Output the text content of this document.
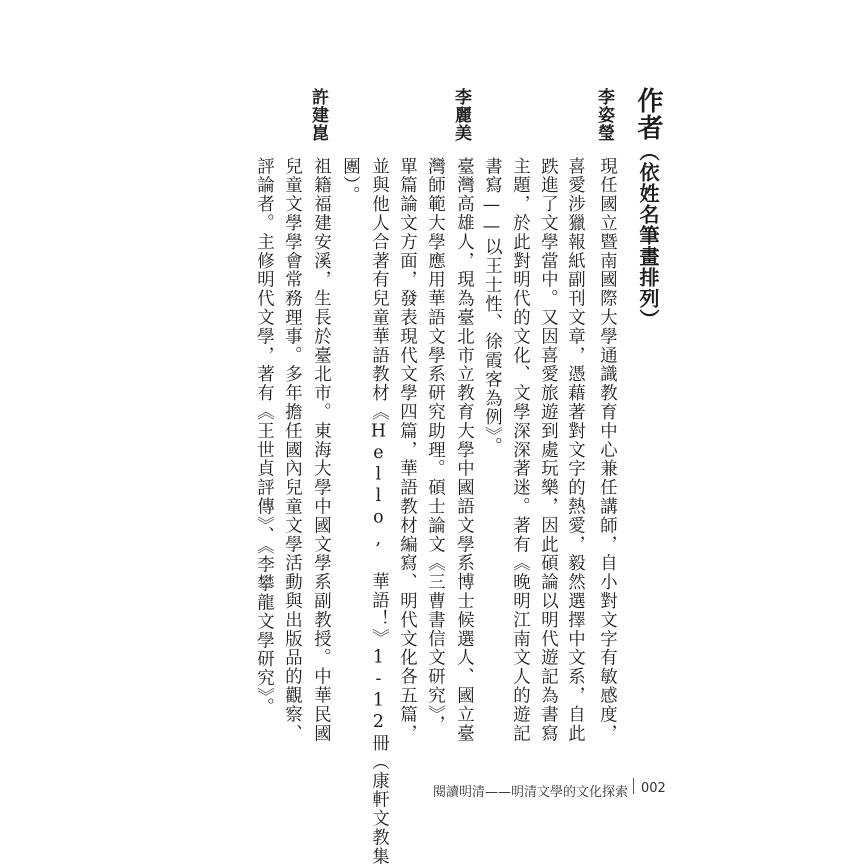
作者（依姓名筆畫排列）
李姿瑩
現任國立暨南國際大學通識教育中心兼任講師，自小對文字有敏感度，
喜愛涉獵報紙副刊文章，憑藉著對文字的熱愛，毅然選擇中文系，自此
跌進了文學當中。又因喜愛旅遊到處玩樂，因此碩論以明代遊記為書寫
主題，於此對明代的文化、文學深深著迷。著有《晚明江南文人的遊記
書寫——以王士性、徐霞客為例》。
李麗美
臺灣高雄人，現為臺北市立教育大學中國語文學系博士候選人、國立臺
灣師範大學應用華語文學系研究助理。碩士論文《三曹書信文研究》，
單篇論文方面，發表現代文學四篇，華語教材編寫、明代文化各五篇，
並與他人合著有兒童華語教材《Hello, 華語！》1-12冊（康軒文教集
團）。
許建崑
祖籍福建安溪，生長於臺北市。東海大學中國文學系副教授。中華民國
兒童文學學會常務理事。多年擔任國內兒童文學活動與出版品的觀察、
評論者。主修明代文學，著有《王世貞評傳》、《李攀龍文學研究》。
閱讀明清——明清文學的文化探索 002
